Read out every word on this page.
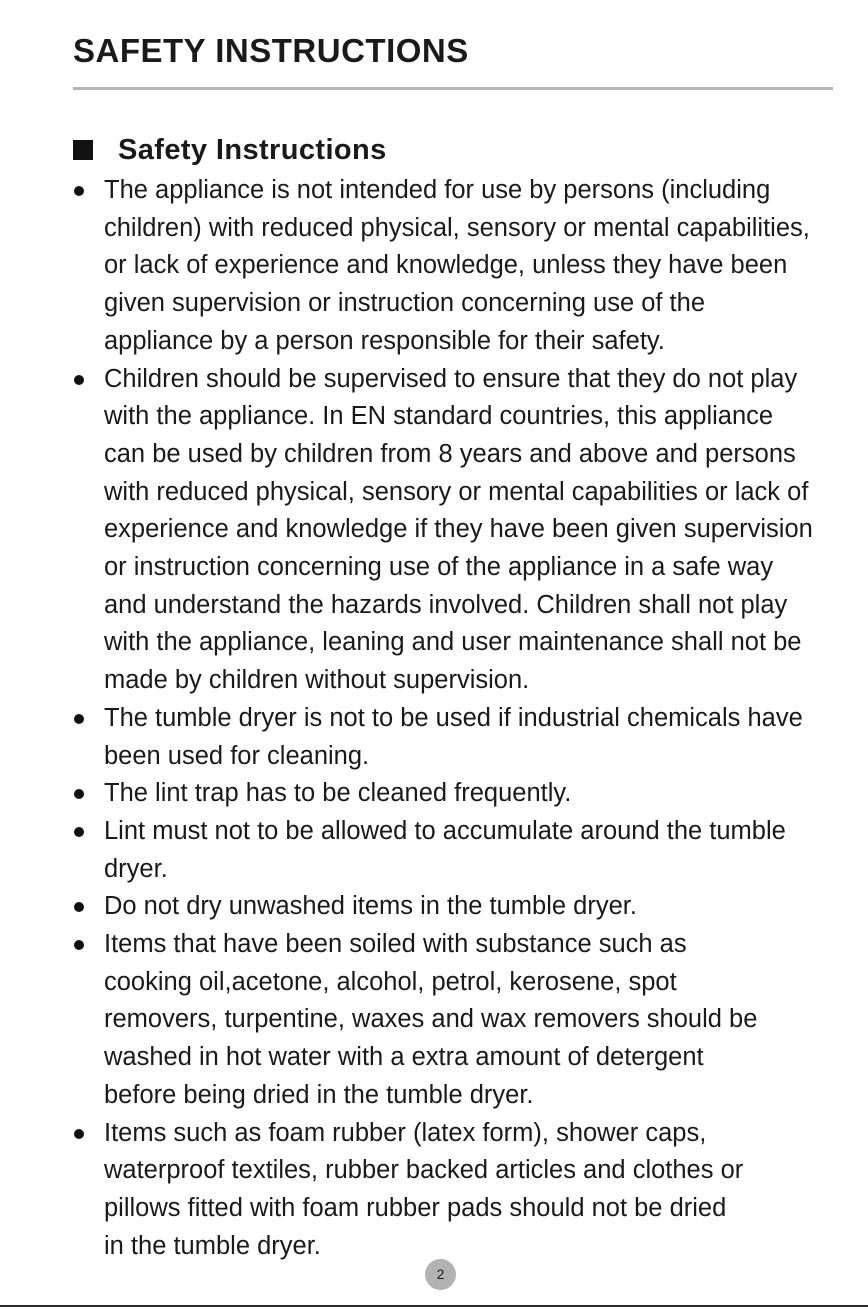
SAFETY INSTRUCTIONS
Safety Instructions
The appliance is not intended for use by persons (including
children) with reduced physical, sensory or mental capabilities,
or lack of experience and knowledge, unless they have been
given supervision or instruction concerning use of the
appliance by a person responsible for their safety.
Children should be supervised to ensure that they do not play
with the appliance. In EN standard countries, this appliance
can be used by children from 8 years and above and persons
with reduced physical, sensory or mental capabilities or lack of
experience and knowledge if they have been given supervision
or instruction concerning use of the appliance in a safe way
and understand the hazards involved. Children shall not play
with the appliance, leaning and user maintenance shall not be
made by children without supervision.
The tumble dryer is not to be used if industrial chemicals have
been used for cleaning.
The lint trap has to be cleaned frequently.
Lint must not to be allowed to accumulate around the tumble
dryer.
Do not dry unwashed items in the tumble dryer.
Items that have been soiled with substance such as
cooking oil,acetone, alcohol, petrol, kerosene, spot
removers, turpentine, waxes and wax removers should be
washed in hot water with a extra amount of detergent
before being dried in the tumble dryer.
Items such as foam rubber (latex form), shower caps,
waterproof textiles, rubber backed articles and clothes or
pillows fitted with foam rubber pads should not be dried
in the tumble dryer.
2
